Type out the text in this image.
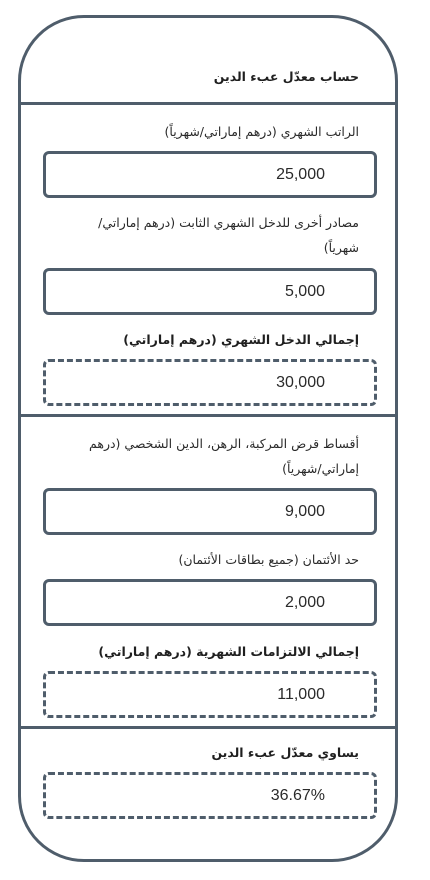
حساب معدّل عبء الدين
الراتب الشهري (درهم إماراتي/شهرياً)
25,000
مصادر أخرى للدخل الشهري الثابت (درهم إماراتي/
شهرياً)
5,000
إجمالي الدخل الشهري (درهم إماراتي)
30,000
أقساط قرض المركبة، الرهن، الدين الشخصي (درهم
إماراتي/شهرياً)
9,000
حد الأئتمان (جميع بطاقات الأئتمان)
2,000
إجمالي الالتزامات الشهرية (درهم إماراتي)
11,000
يساوي معدّل عبء الدين
36.67%
